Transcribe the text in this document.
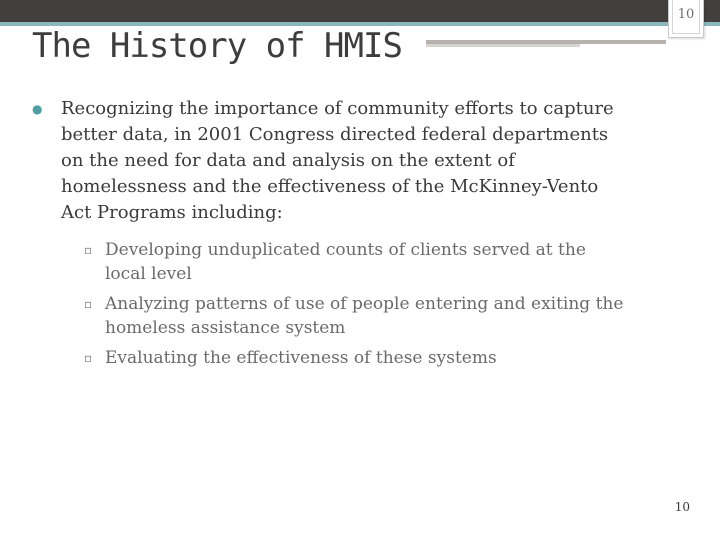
10
The History of HMIS
● Recognizing the importance of community efforts to capture better data, in 2001 Congress directed federal departments on the need for data and analysis on the extent of homelessness and the effectiveness of the McKinney-Vento Act Programs including:
▫ Developing unduplicated counts of clients served at the local level
▫ Analyzing patterns of use of people entering and exiting the homeless assistance system
▫ Evaluating the effectiveness of these systems
10
